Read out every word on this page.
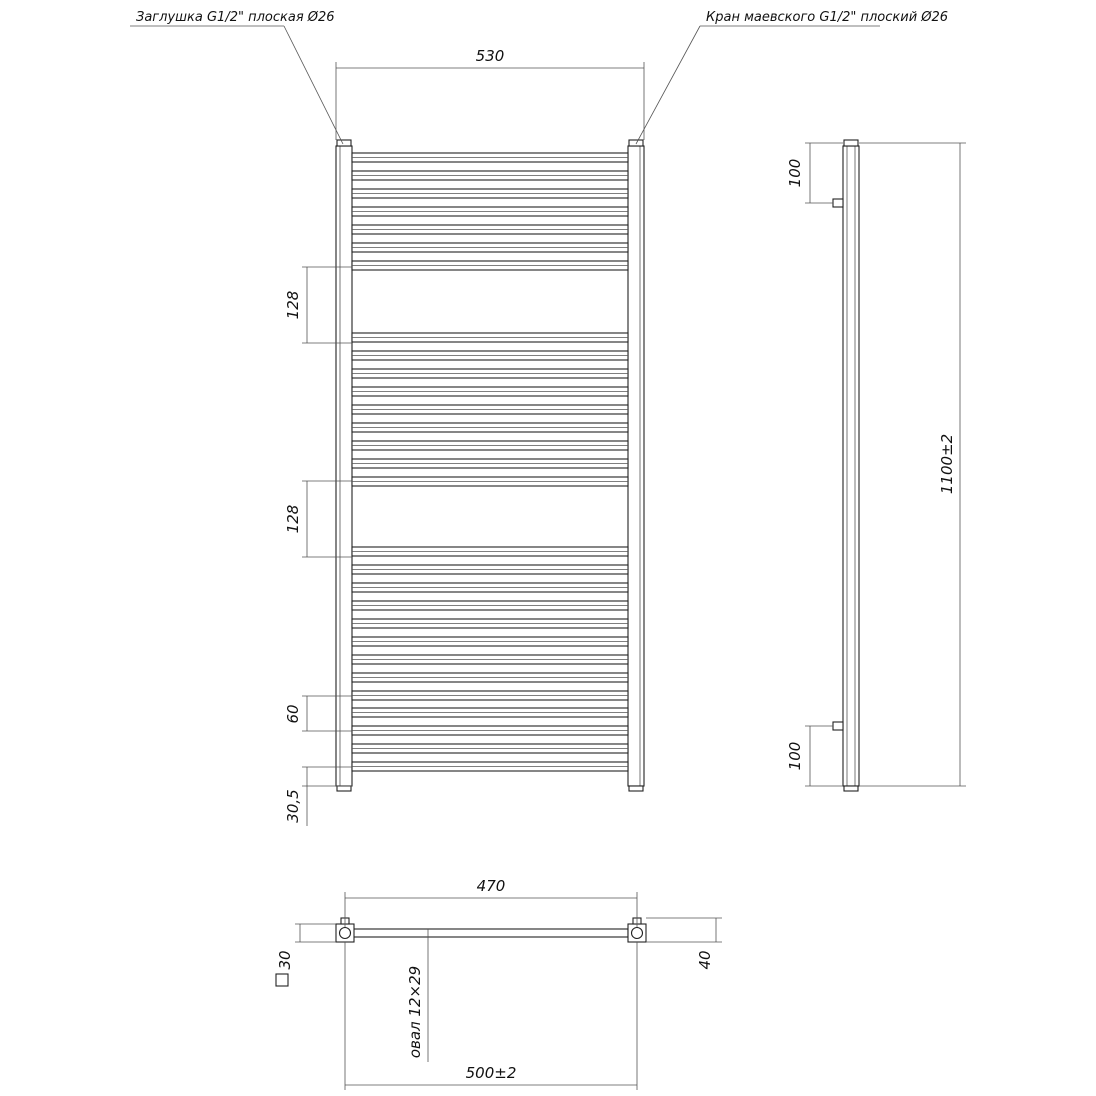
530
Заглушка G1/2" плоская Ø26	Кран маевского G1/2" плоский Ø26
128
128
60
30,5
100
100
1100±2
470
30	40
овал 12×29
500±2
